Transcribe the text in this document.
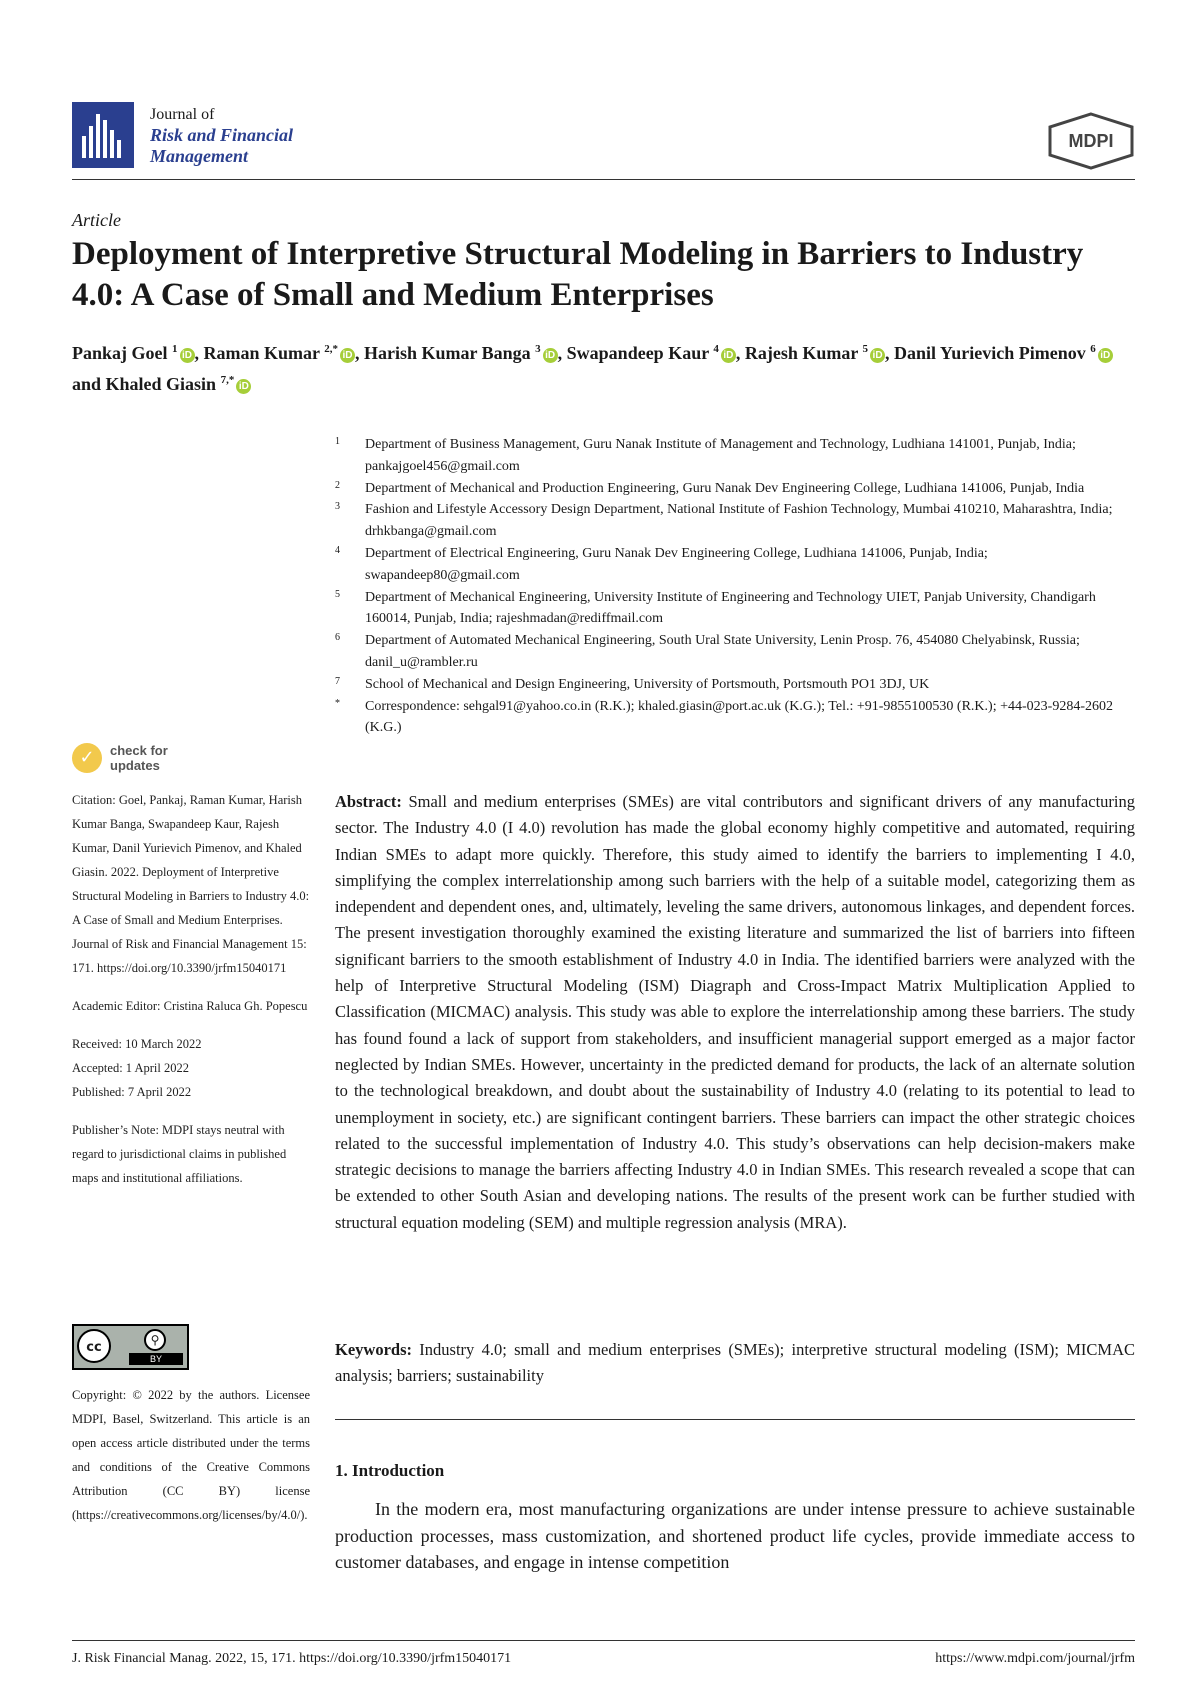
Journal of
Risk and Financial
Management
MDPI
Article
Deployment of Interpretive Structural Modeling in Barriers to Industry 4.0: A Case of Small and Medium Enterprises
Pankaj Goel $^1$iD , Raman Kumar $^{2,*}$iD , Harish Kumar Banga $^3$iD , Swapandeep Kaur $^4$iD , Rajesh Kumar $^5$iD , Danil Yurievich Pimenov $^6$iD and Khaled Giasin $^{7,*}$iD
1 Department of Business Management, Guru Nanak Institute of Management and Technology, Ludhiana 141001, Punjab, India; pankajgoel456@gmail.com
2 Department of Mechanical and Production Engineering, Guru Nanak Dev Engineering College, Ludhiana 141006, Punjab, India
3 Fashion and Lifestyle Accessory Design Department, National Institute of Fashion Technology, Mumbai 410210, Maharashtra, India; drhkbanga@gmail.com
4 Department of Electrical Engineering, Guru Nanak Dev Engineering College, Ludhiana 141006, Punjab, India; swapandeep80@gmail.com
5 Department of Mechanical Engineering, University Institute of Engineering and Technology UIET, Panjab University, Chandigarh 160014, Punjab, India; rajeshmadan@rediffmail.com
6 Department of Automated Mechanical Engineering, South Ural State University, Lenin Prosp. 76, 454080 Chelyabinsk, Russia; danil_u@rambler.ru
7 School of Mechanical and Design Engineering, University of Portsmouth, Portsmouth PO1 3DJ, UK
* Correspondence: sehgal91@yahoo.co.in (R.K.); khaled.giasin@port.ac.uk (K.G.); Tel.: +91-9855100530 (R.K.); +44-023-9284-2602 (K.G.)
✓	check for
updates

Citation: Goel, Pankaj, Raman Kumar, Harish Kumar Banga, Swapandeep Kaur, Rajesh Kumar, Danil Yurievich Pimenov, and Khaled Giasin. 2022. Deployment of Interpretive Structural Modeling in Barriers to Industry 4.0: A Case of Small and Medium Enterprises. Journal of Risk and Financial Management 15: 171. https://doi.org/10.3390/jrfm15040171

Academic Editor: Cristina Raluca Gh. Popescu

Received: 10 March 2022

Accepted: 1 April 2022

Published: 7 April 2022

Publisher’s Note: MDPI stays neutral with regard to jurisdictional claims in published maps and institutional affiliations.

cc	⚲
BY
Copyright: © 2022 by the authors. Licensee MDPI, Basel, Switzerland. This article is an open access article distributed under the terms and conditions of the Creative Commons Attribution (CC BY) license (https://creativecommons.org/licenses/by/4.0/).
Abstract: Small and medium enterprises (SMEs) are vital contributors and significant drivers of any manufacturing sector. The Industry 4.0 (I 4.0) revolution has made the global economy highly competitive and automated, requiring Indian SMEs to adapt more quickly. Therefore, this study aimed to identify the barriers to implementing I 4.0, simplifying the complex interrelationship among such barriers with the help of a suitable model, categorizing them as independent and dependent ones, and, ultimately, leveling the same drivers, autonomous linkages, and dependent forces. The present investigation thoroughly examined the existing literature and summarized the list of barriers into fifteen significant barriers to the smooth establishment of Industry 4.0 in India. The identified barriers were analyzed with the help of Interpretive Structural Modeling (ISM) Diagraph and Cross-Impact Matrix Multiplication Applied to Classification (MICMAC) analysis. This study was able to explore the interrelationship among these barriers. The study has found found a lack of support from stakeholders, and insufficient managerial support emerged as a major factor neglected by Indian SMEs. However, uncertainty in the predicted demand for products, the lack of an alternate solution to the technological breakdown, and doubt about the sustainability of Industry 4.0 (relating to its potential to lead to unemployment in society, etc.) are significant contingent barriers. These barriers can impact the other strategic choices related to the successful implementation of Industry 4.0. This study’s observations can help decision-makers make strategic decisions to manage the barriers affecting Industry 4.0 in Indian SMEs. This research revealed a scope that can be extended to other South Asian and developing nations. The results of the present work can be further studied with structural equation modeling (SEM) and multiple regression analysis (MRA).
Keywords: Industry 4.0; small and medium enterprises (SMEs); interpretive structural modeling (ISM); MICMAC analysis; barriers; sustainability
1. Introduction
In the modern era, most manufacturing organizations are under intense pressure to achieve sustainable production processes, mass customization, and shortened product life cycles, provide immediate access to customer databases, and engage in intense competition
J. Risk Financial Manag. 2022, 15, 171. https://doi.org/10.3390/jrfm15040171	https://www.mdpi.com/journal/jrfm
